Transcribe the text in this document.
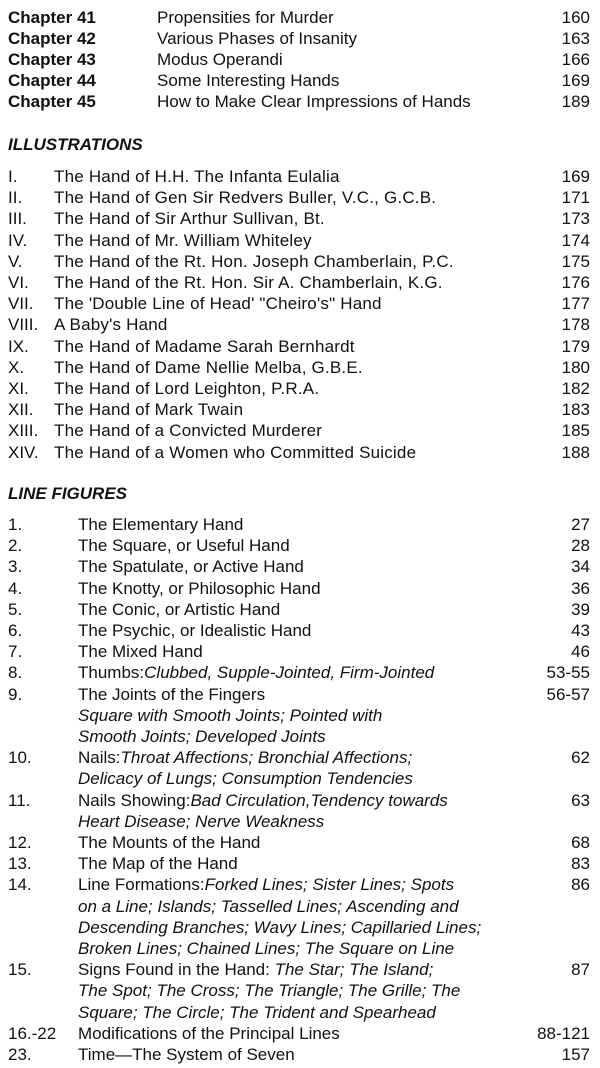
Chapter 41	Propensities for Murder	160
Chapter 42	Various Phases of Insanity	163
Chapter 43	Modus Operandi	166
Chapter 44	Some Interesting Hands	169
Chapter 45	How to Make Clear Impressions of Hands	189
ILLUSTRATIONS
I. The Hand of H.H. The Infanta Eulalia	169
II. The Hand of Gen Sir Redvers Buller, V.C., G.C.B.	171
III. The Hand of Sir Arthur Sullivan, Bt.	173
IV. The Hand of Mr. William Whiteley	174
V. The Hand of the Rt. Hon. Joseph Chamberlain, P.C.	175
VI. The Hand of the Rt. Hon. Sir A. Chamberlain, K.G.	176
VII. The 'Double Line of Head' "Cheiro's" Hand	177
VIII. A Baby's Hand	178
IX. The Hand of Madame Sarah Bernhardt	179
X. The Hand of Dame Nellie Melba, G.B.E.	180
XI. The Hand of Lord Leighton, P.R.A.	182
XII. The Hand of Mark Twain	183
XIII. The Hand of a Convicted Murderer	185
XIV. The Hand of a Women who Committed Suicide	188
LINE FIGURES
1.	The Elementary Hand	27
2.	The Square, or Useful Hand	28
3.	The Spatulate, or Active Hand	34
4.	The Knotty, or Philosophic Hand	36
5.	The Conic, or Artistic Hand	39
6.	The Psychic, or Idealistic Hand	43
7.	The Mixed Hand	46
8.	Thumbs:Clubbed, Supple-Jointed, Firm-Jointed	53-55
9.	The Joints of the Fingers	56-57
Square with Smooth Joints; Pointed with
Smooth Joints; Developed Joints
10.	Nails:Throat Affections; Bronchial Affections;	62
Delicacy of Lungs; Consumption Tendencies
11.	Nails Showing:Bad Circulation,Tendency towards	63
Heart Disease; Nerve Weakness
12.	The Mounts of the Hand	68
13.	The Map of the Hand	83
14.	Line Formations:Forked Lines; Sister Lines; Spots	86
on a Line; Islands; Tasselled Lines; Ascending and
Descending Branches; Wavy Lines; Capillaried Lines;
Broken Lines; Chained Lines; The Square on Line
15.	Signs Found in the Hand: The Star; The Island;	87
The Spot; The Cross; The Triangle; The Grille; The
Square; The Circle; The Trident and Spearhead
16.-22 Modifications of the Principal Lines	88-121
23.	Time—The System of Seven	157
